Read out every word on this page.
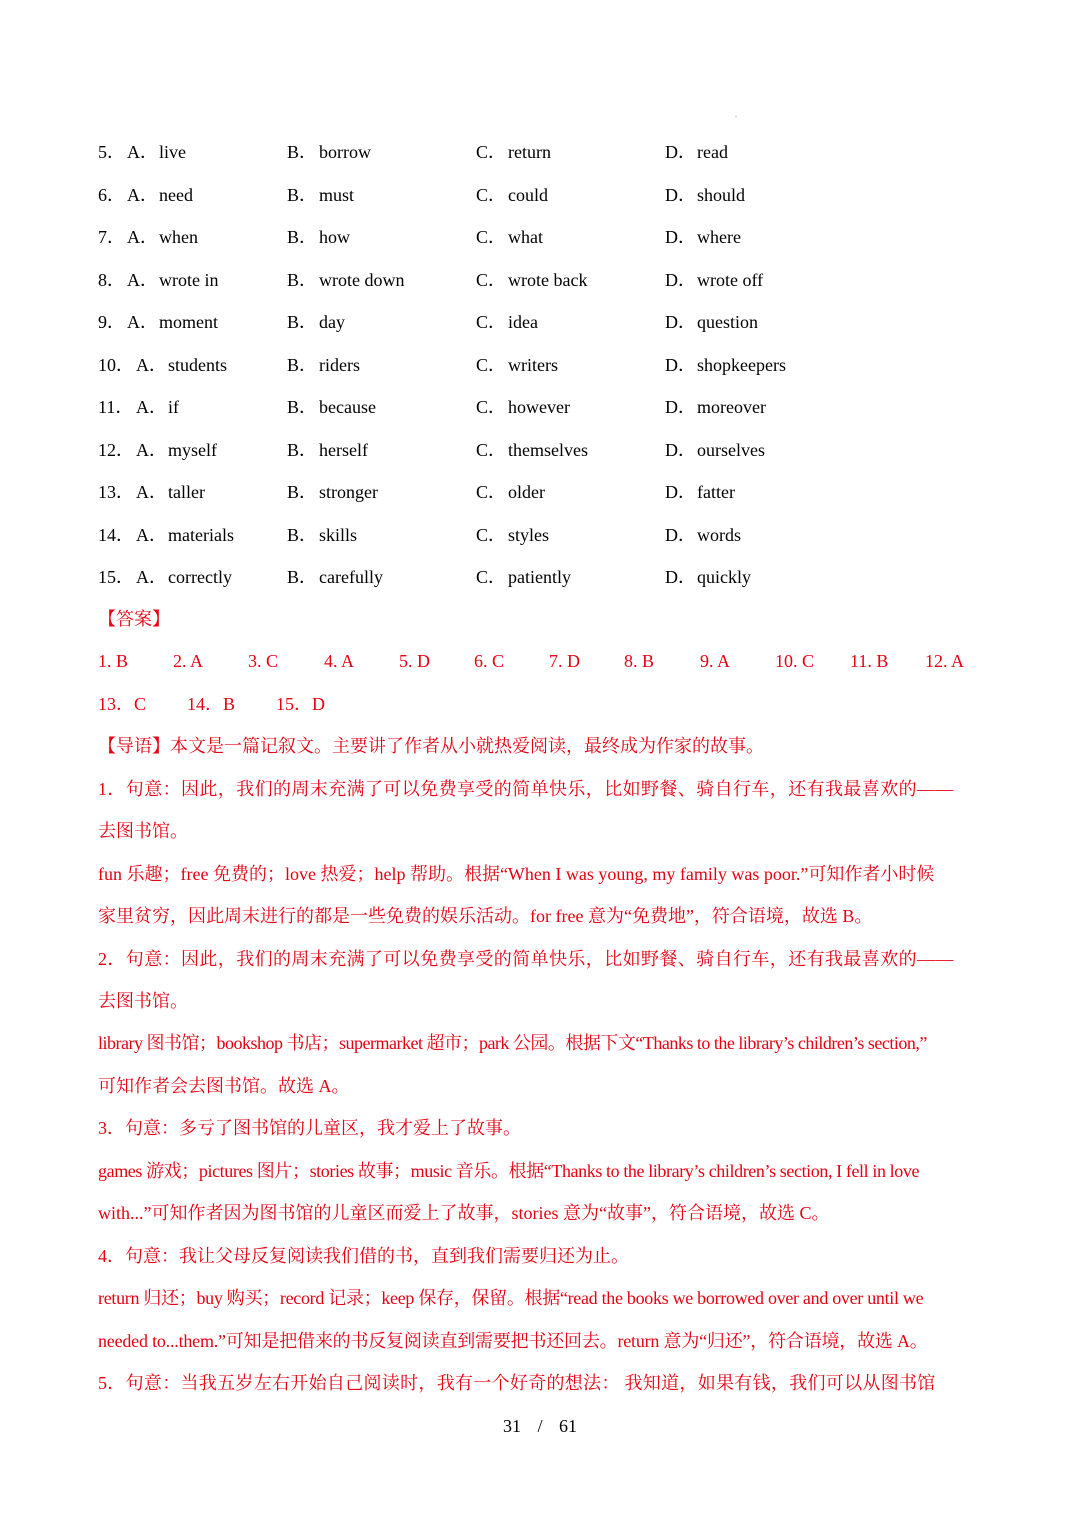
5． A．live	B． borrow	C． return	D．read
6． A．need	B． must	C． could	D．should
7． A．when	B． how	C． what	D．where
8． A．wrote in	B． wrote down	C． wrote back	D．wrote off
9． A．moment	B． day	C． idea	D．question
10． A．students	B． riders	C． writers	D．shopkeepers
11． A．if	B． because	C． however	D．moreover
12． A．myself	B． herself	C． themselves	D．ourselves
13． A．taller	B． stronger	C． older	D．fatter
14． A．materials	B． skills	C． styles	D．words
15． A．correctly	B． carefully	C． patiently	D．quickly
【答案】
1. B 2. A 3. C	4. A 5. D 6. C 7. D 8. B	9. A 10. C 11. B 12. A
13．C 14．B 15．D
【导语】本文是一篇记叙文。主要讲了作者从小就热爱阅读，最终成为作家的故事。
1．句意：因此，我们的周末充满了可以免费享受的简单快乐，比如野餐、骑自行车，还有我最喜欢的——
去图书馆。
fun 乐趣；free 免费的；love 热爱；help 帮助。根据“When I was young, my family was poor.”可知作者小时候
家里贫穷，因此周末进行的都是一些免费的娱乐活动。for free 意为“免费地”，符合语境，故选 B。
2．句意：因此，我们的周末充满了可以免费享受的简单快乐，比如野餐、骑自行车，还有我最喜欢的——
去图书馆。
library 图书馆；bookshop 书店；supermarket 超市；park 公园。根据下文“Thanks to the library’s children’s section,”
可知作者会去图书馆。故选 A。
3．句意：多亏了图书馆的儿童区，我才爱上了故事。
games 游戏；pictures 图片；stories 故事；music 音乐。根据“Thanks to the library’s children’s section, I fell in love
with...”可知作者因为图书馆的儿童区而爱上了故事，stories 意为“故事”，符合语境，故选 C。
4．句意：我让父母反复阅读我们借的书，直到我们需要归还为止。
return 归还；buy 购买；record 记录；keep 保存，保留。根据“read the books we borrowed over and over until we
needed to...them.”可知是把借来的书反复阅读直到需要把书还回去。return 意为“归还”，符合语境，故选 A。
5．句意：当我五岁左右开始自己阅读时，我有一个好奇的想法： 我知道，如果有钱，我们可以从图书馆
31 / 61
